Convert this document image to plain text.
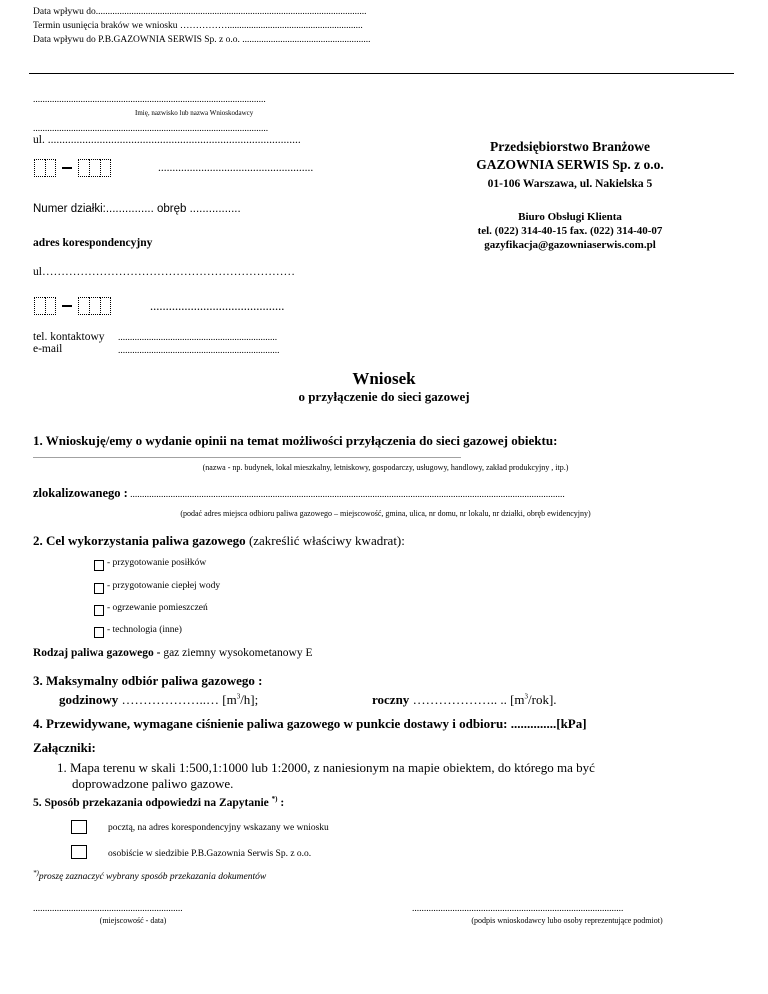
Data wpływu do..................................................................................................................
Termin usunięcia braków we wniosku …………….........................................................
Data wpływu do P.B.GAZOWNIA SERWIS Sp. z o.o. ......................................................
..................................................................................................
Imię, nazwisko lub nazwa Wnioskodawcy
...................................................................................................
ul. ........................................................................................
......................................................
Numer działki:............... obręb ................
adres korespondencyjny
ul…………………………………………………………
...........................................
tel. kontaktowy ...................................................................
e-mail	....................................................................
Przedsiębiorstwo Branżowe
GAZOWNIA SERWIS Sp. z o.o.
01-106 Warszawa, ul. Nakielska 5
Biuro Obsługi Klienta
tel. (022) 314-40-15 fax. (022) 314-40-07
gazyfikacja@gazowniaserwis.com.pl
Wniosek
o przyłączenie do sieci gazowej
1. Wnioskuję/emy o wydanie opinii na temat możliwości przyłączenia do sieci gazowej obiektu:
......................................................................................................................................................................................................................
(nazwa - np. budynek, lokal mieszkalny, letniskowy, gospodarczy, usługowy, handlowy, zakład produkcyjny , itp.)
zlokalizowanego : .......................................................................................................................................................................................
(podać adres miejsca odbioru paliwa gazowego – miejscowość, gmina, ulica, nr domu, nr lokalu, nr działki, obręb ewidencyjny)
2. Cel wykorzystania paliwa gazowego (zakreślić właściwy kwadrat):
- przygotowanie posiłków
- przygotowanie ciepłej wody
- ogrzewanie pomieszczeń
- technologia (inne)
Rodzaj paliwa gazowego - gaz ziemny wysokometanowy E
3. Maksymalny odbiór paliwa gazowego :
godzinowy ………………..… $[m^3/h]$;	roczny ……………….. .. $[m^3/rok]$.
4. Przewidywane, wymagane ciśnienie paliwa gazowego w punkcie dostawy i odbioru: ..............[kPa]
Załączniki:
1. Mapa terenu w skali 1:500,1:1000 lub 1:2000, z naniesionym na mapie obiektem, do którego ma być
doprowadzone paliwo gazowe.
5. Sposób przekazania odpowiedzi na Zapytanie *) :
pocztą, na adres korespondencyjny wskazany we wniosku
osobiście w siedzibie P.B.Gazownia Serwis Sp. z o.o.
*)proszę zaznaczyć wybrany sposób przekazania dokumentów
...............................................................
(miejscowość - data)
.........................................................................................
(podpis wnioskodawcy lubo osoby reprezentujące podmiot)
